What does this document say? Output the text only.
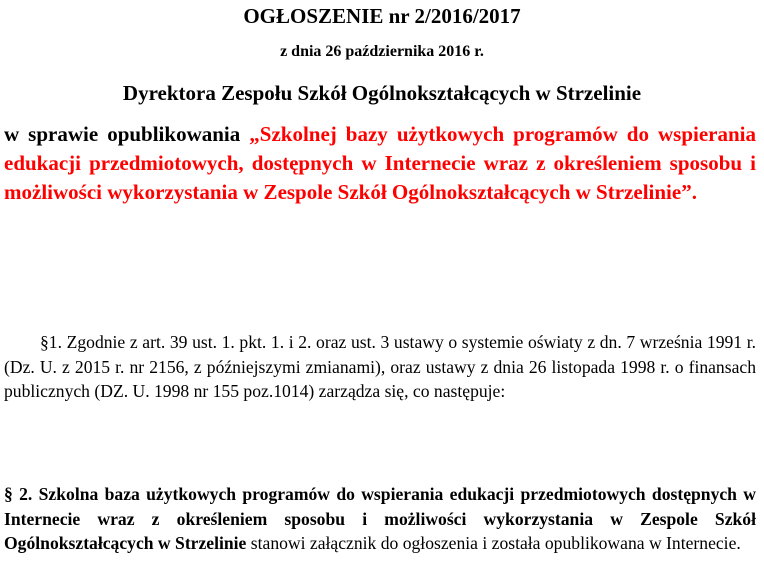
OGŁOSZENIE nr 2/2016/2017
z dnia 26 października 2016 r.
Dyrektora Zespołu Szkół Ogólnokształcących w Strzelinie
w sprawie opublikowania „Szkolnej bazy użytkowych programów do wspierania edukacji przedmiotowych, dostępnych w Internecie wraz z określeniem sposobu i możliwości wykorzystania w Zespole Szkół Ogólnokształcących w Strzelinie”.
§1. Zgodnie z art. 39 ust. 1. pkt. 1. i 2. oraz ust. 3 ustawy o systemie oświaty z dn. 7 września 1991 r. (Dz. U. z 2015 r. nr 2156, z późniejszymi zmianami), oraz ustawy z dnia 26 listopada 1998 r. o finansach publicznych (DZ. U. 1998 nr 155 poz.1014) zarządza się, co następuje:
§ 2. Szkolna baza użytkowych programów do wspierania edukacji przedmiotowych dostępnych w Internecie wraz z określeniem sposobu i możliwości wykorzystania w Zespole Szkół Ogólnokształcących w Strzelinie stanowi załącznik do ogłoszenia i została opublikowana w Internecie.
